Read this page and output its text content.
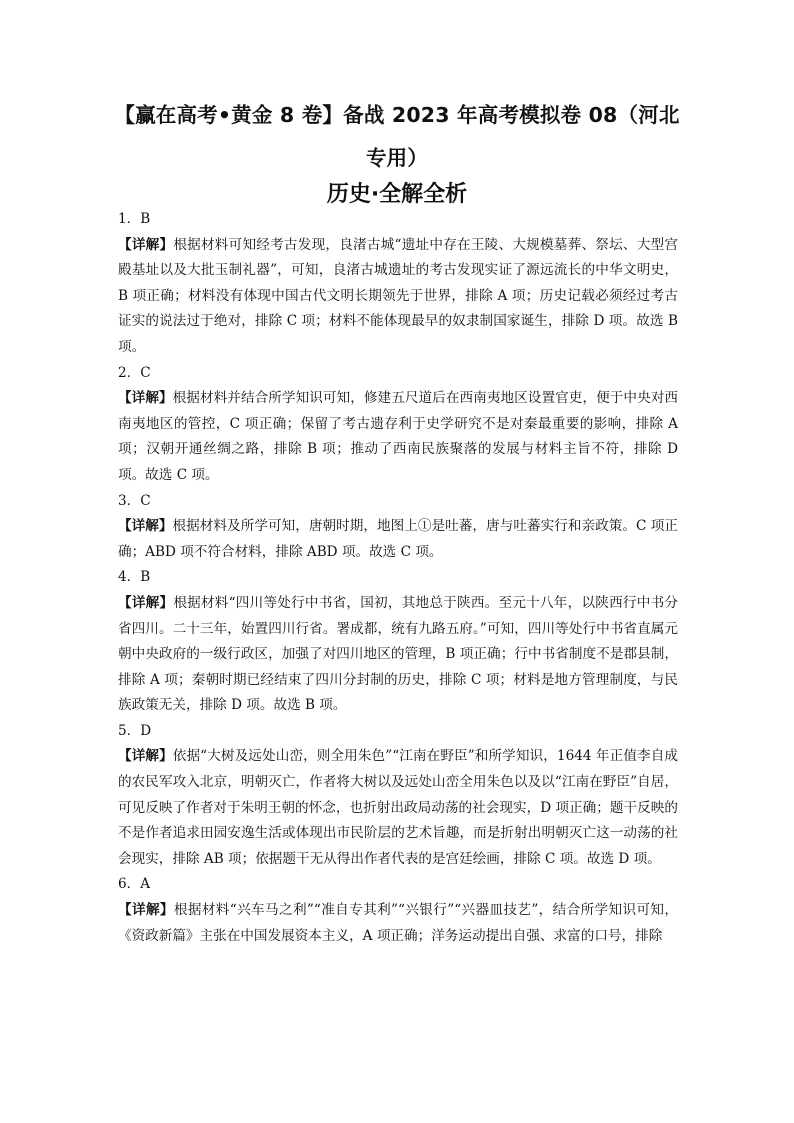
【赢在高考•黄金 8 卷】备战 2023 年高考模拟卷 08（河北专用）
历史·全解全析

1．B

【详解】根据材料可知经考古发现，良渚古城“遗址中存在王陵、大规模墓葬、祭坛、大型宫殿基址以及大批玉制礼器”，可知，良渚古城遗址的考古发现实证了源远流长的中华文明史，B 项正确；材料没有体现中国古代文明长期领先于世界，排除 A 项；历史记载必须经过考古证实的说法过于绝对，排除 C 项；材料不能体现最早的奴隶制国家诞生，排除 D 项。故选 B 项。

2．C

【详解】根据材料并结合所学知识可知，修建五尺道后在西南夷地区设置官吏，便于中央对西南夷地区的管控，C 项正确；保留了考古遗存利于史学研究不是对秦最重要的影响，排除 A 项；汉朝开通丝绸之路，排除 B 项；推动了西南民族聚落的发展与材料主旨不符，排除 D 项。故选 C 项。

3．C

【详解】根据材料及所学可知，唐朝时期，地图上①是吐蕃，唐与吐蕃实行和亲政策。C 项正确；ABD 项不符合材料，排除 ABD 项。故选 C 项。

4．B

【详解】根据材料“四川等处行中书省，国初，其地总于陕西。至元十八年，以陕西行中书分省四川。二十三年，始置四川行省。署成都，统有九路五府。”可知，四川等处行中书省直属元朝中央政府的一级行政区，加强了对四川地区的管理，B 项正确；行中书省制度不是郡县制，排除 A 项；秦朝时期已经结束了四川分封制的历史，排除 C 项；材料是地方管理制度，与民族政策无关，排除 D 项。故选 B 项。

5．D

【详解】依据“大树及远处山峦，则全用朱色”“江南在野臣”和所学知识，1644 年正值李自成的农民军攻入北京，明朝灭亡，作者将大树以及远处山峦全用朱色以及以“江南在野臣”自居，可见反映了作者对于朱明王朝的怀念，也折射出政局动荡的社会现实，D 项正确；题干反映的不是作者追求田园安逸生活或体现出市民阶层的艺术旨趣，而是折射出明朝灭亡这一动荡的社会现实，排除 AB 项；依据题干无从得出作者代表的是宫廷绘画，排除 C 项。故选 D 项。

6．A

【详解】根据材料“兴车马之利”“准自专其利”“兴银行”“兴器皿技艺”，结合所学知识可知，《资政新篇》主张在中国发展资本主义，A 项正确；洋务运动提出自强、求富的口号，排除
